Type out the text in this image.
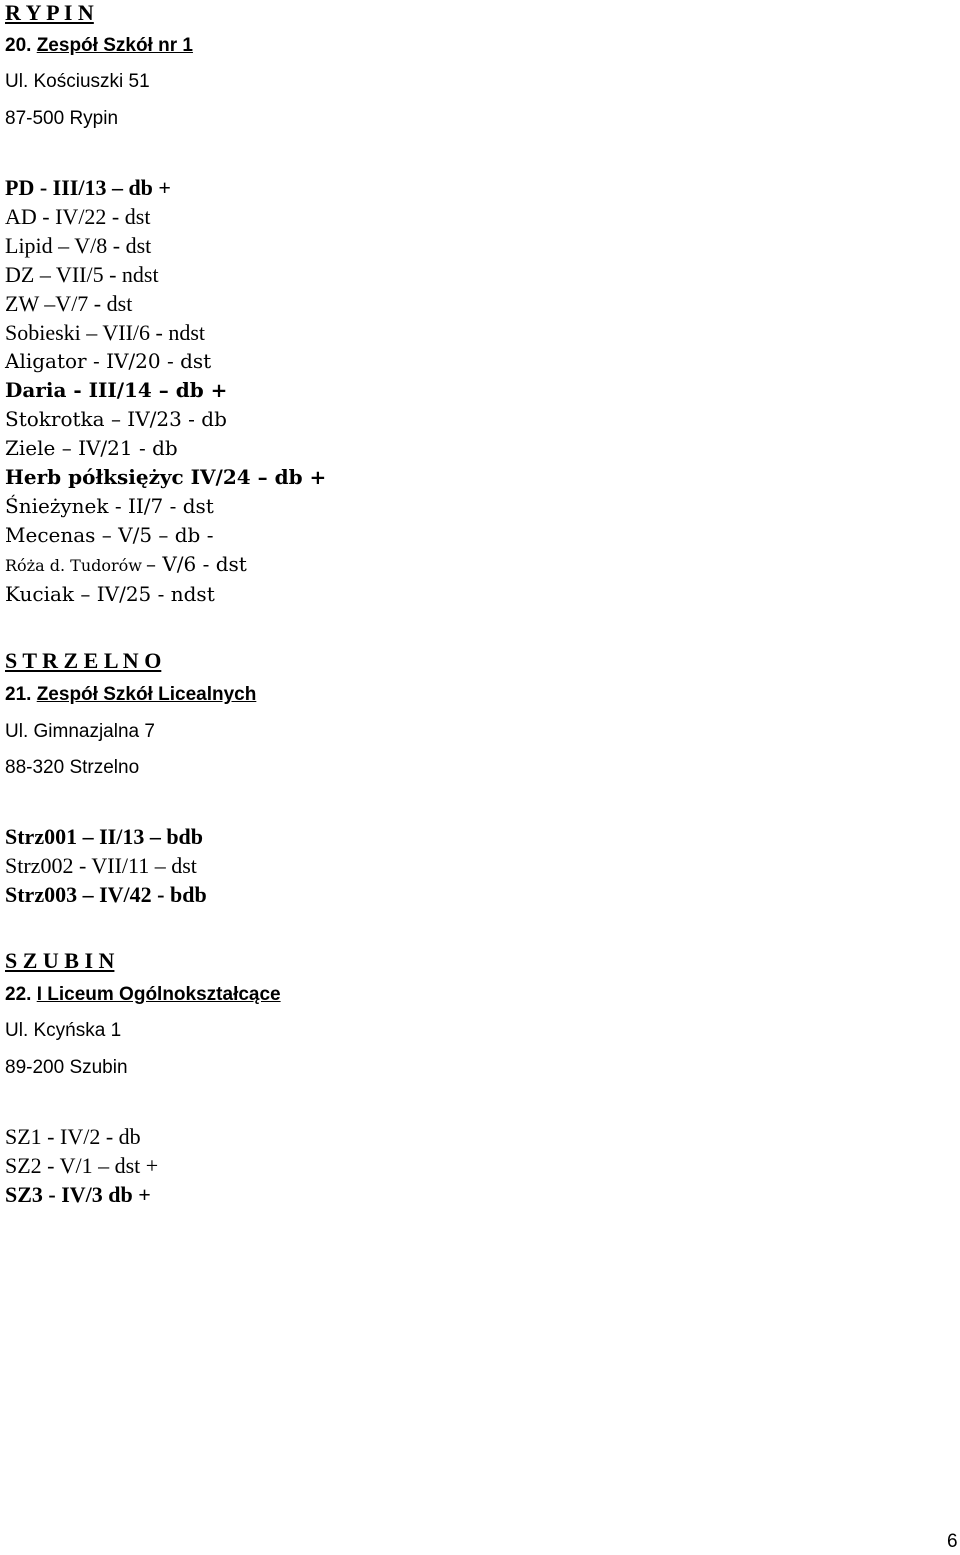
R Y P I N
20. Zespół Szkół nr 1
Ul. Kościuszki 51
87-500 Rypin
PD - III/13 – db +
AD - IV/22 - dst
Lipid – V/8 - dst
DZ – VII/5 - ndst
ZW –V/7 - dst
Sobieski – VII/6 - ndst
Aligator - IV/20 - dst
Daria - III/14 – db +
Stokrotka – IV/23 - db
Ziele – IV/21 - db
Herb półksiężyc IV/24 – db +
Śnieżynek - II/7 - dst
Mecenas – V/5 – db -
Róża d. Tudorów – V/6 - dst
Kuciak – IV/25 - ndst
S T R Z E L N O
21. Zespół Szkół Licealnych
Ul. Gimnazjalna 7
88-320 Strzelno
Strz001 – II/13 – bdb
Strz002 - VII/11 – dst
Strz003 – IV/42 - bdb
S Z U B I N
22. I Liceum Ogólnokształcące
Ul. Kcyńska 1
89-200 Szubin
SZ1 - IV/2 - db
SZ2 - V/1 – dst +
SZ3 - IV/3 db +
6
